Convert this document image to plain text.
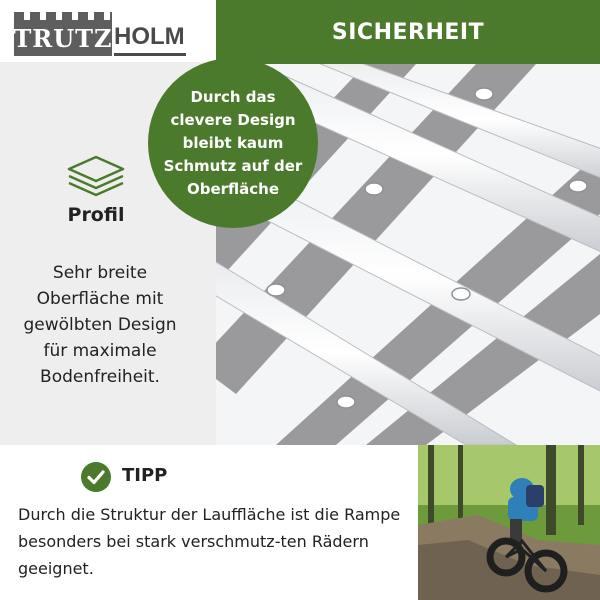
TRUTZ HOLM	SICHERHEIT
Profil
Sehr breite Oberfläche mit gewölbten Design für maximale Bodenfreiheit.
Durch das clevere Design bleibt kaum Schmutz auf der Oberfläche
TIPP
Durch die Struktur der Lauffläche ist die Rampe besonders bei stark verschmutz-ten Rädern geeignet.
